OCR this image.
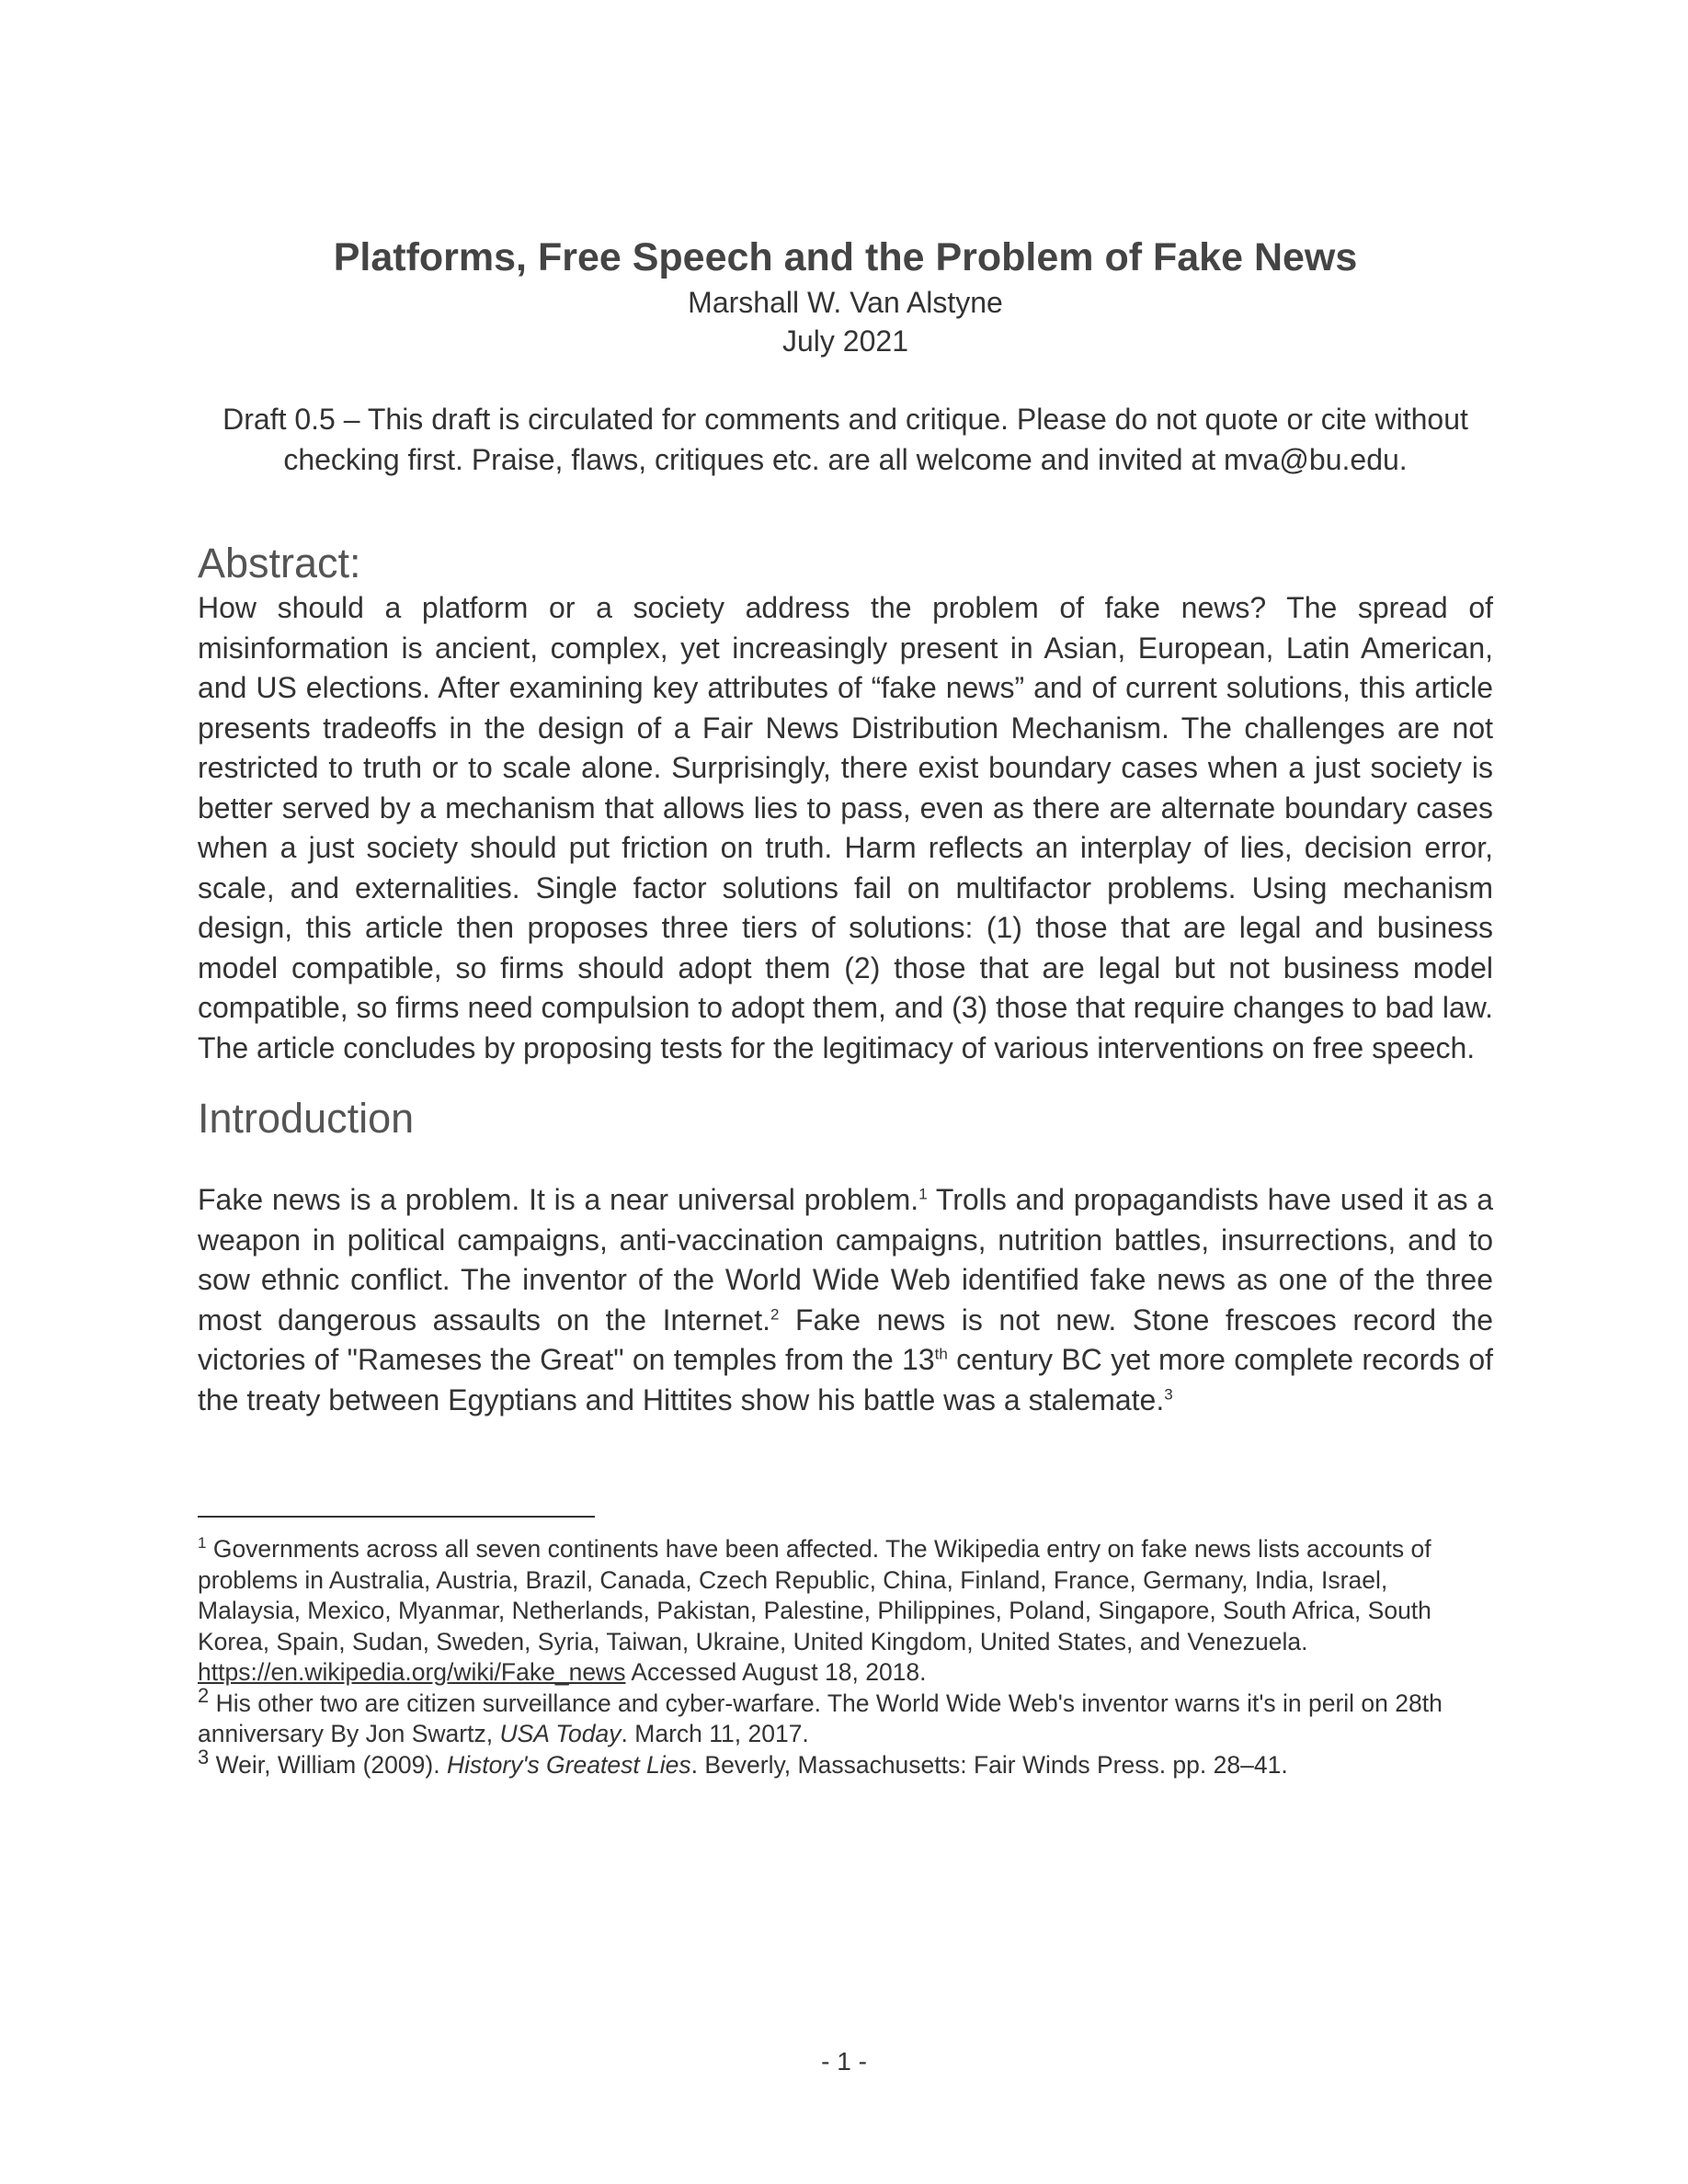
Platforms, Free Speech and the Problem of Fake News

Marshall W. Van Alstyne

July 2021

Draft 0.5 – This draft is circulated for comments and critique. Please do not quote or cite without checking first. Praise, flaws, critiques etc. are all welcome and invited at mva@bu.edu.

Abstract:

How should a platform or a society address the problem of fake news? The spread of misinformation is ancient, complex, yet increasingly present in Asian, European, Latin American, and US elections. After examining key attributes of “fake news” and of current solutions, this article presents tradeoffs in the design of a Fair News Distribution Mechanism. The challenges are not restricted to truth or to scale alone. Surprisingly, there exist boundary cases when a just society is better served by a mechanism that allows lies to pass, even as there are alternate boundary cases when a just society should put friction on truth. Harm reflects an interplay of lies, decision error, scale, and externalities. Single factor solutions fail on multifactor problems. Using mechanism design, this article then proposes three tiers of solutions: (1) those that are legal and business model compatible, so firms should adopt them (2) those that are legal but not business model compatible, so firms need compulsion to adopt them, and (3) those that require changes to bad law. The article concludes by proposing tests for the legitimacy of various interventions on free speech.

Introduction

Fake news is a problem. It is a near universal problem.$^1$ Trolls and propagandists have used it as a weapon in political campaigns, anti-vaccination campaigns, nutrition battles, insurrections, and to sow ethnic conflict. The inventor of the World Wide Web identified fake news as one of the three most dangerous assaults on the Internet.$^2$ Fake news is not new. Stone frescoes record the victories of "Rameses the Great" on temples from the 13th century BC yet more complete records of the treaty between Egyptians and Hittites show his battle was a stalemate.$^3$

$^1$ Governments across all seven continents have been affected. The Wikipedia entry on fake news lists accounts of problems in Australia, Austria, Brazil, Canada, Czech Republic, China, Finland, France, Germany, India, Israel, Malaysia, Mexico, Myanmar, Netherlands, Pakistan, Palestine, Philippines, Poland, Singapore, South Africa, South Korea, Spain, Sudan, Sweden, Syria, Taiwan, Ukraine, United Kingdom, United States, and Venezuela. https://en.wikipedia.org/wiki/Fake_news Accessed August 18, 2018.

$^2$ His other two are citizen surveillance and cyber-warfare. The World Wide Web's inventor warns it's in peril on 28th anniversary By Jon Swartz, USA Today. March 11, 2017.

$^3$ Weir, William (2009). History's Greatest Lies. Beverly, Massachusetts: Fair Winds Press. pp. 28–41.

- 1 -
